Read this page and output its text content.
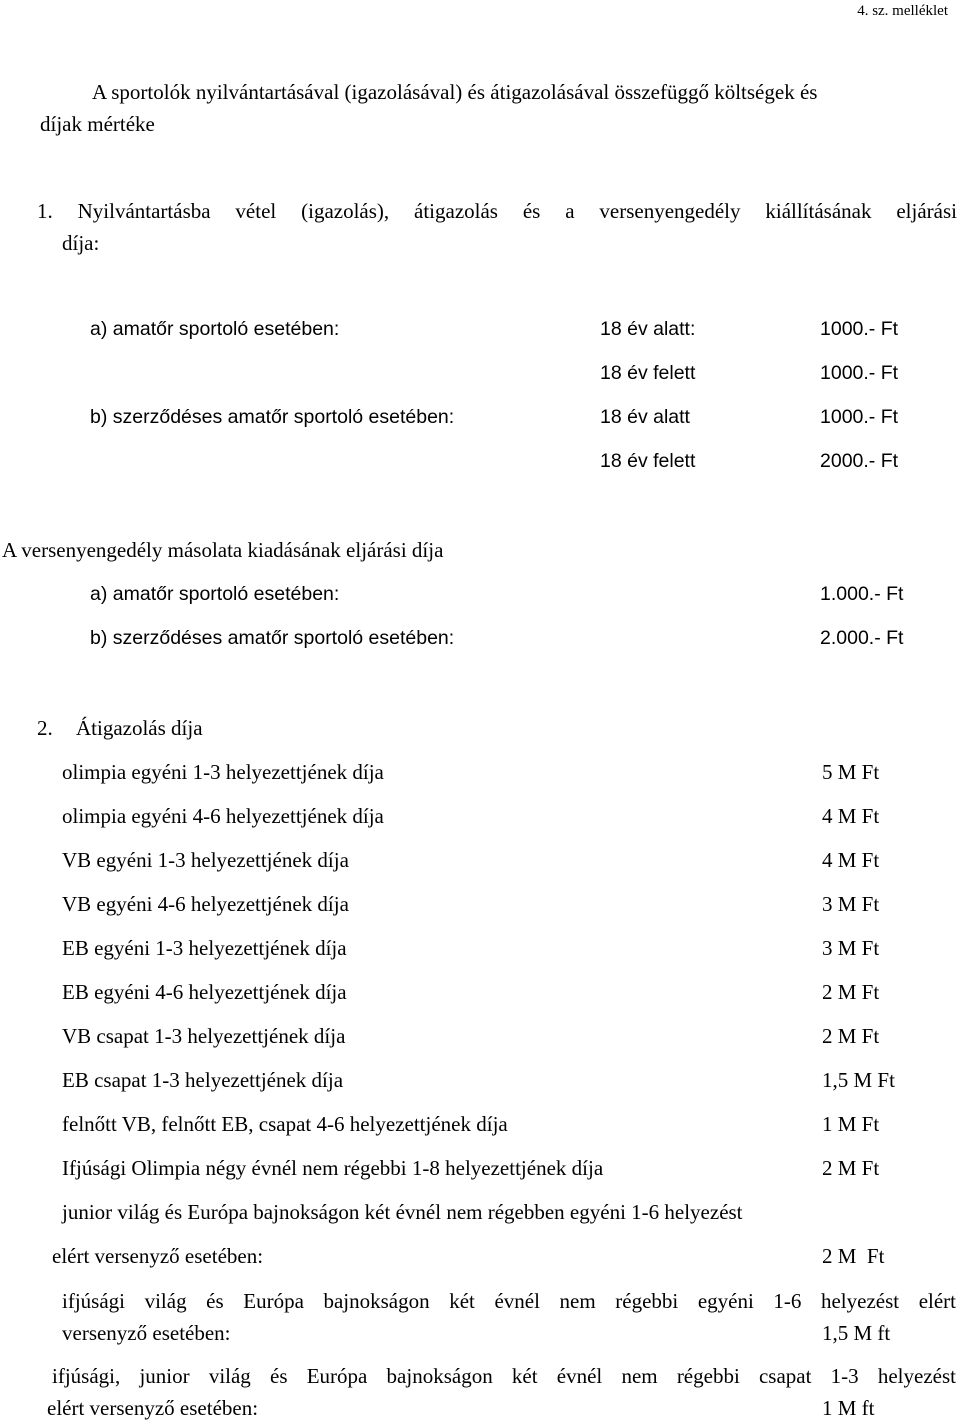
4. sz. melléklet
A sportolók nyilvántartásával (igazolásával) és átigazolásával összefüggő költségek és
díjak mértéke
1. Nyilvántartásba vétel (igazolás), átigazolás és a versenyengedély kiállításának eljárási
díja:
a) amatőr sportoló esetében:	18 év alatt:	1000.- Ft
18 év felett	1000.- Ft
b) szerződéses amatőr sportoló esetében:	18 év alatt	1000.- Ft
18 év felett	2000.- Ft
A versenyengedély másolata kiadásának eljárási díja
a) amatőr sportoló esetében:	1.000.- Ft
b) szerződéses amatőr sportoló esetében:	2.000.- Ft
2. Átigazolás díja
olimpia egyéni 1-3 helyezettjének díja	5 M Ft
olimpia egyéni 4-6 helyezettjének díja	4 M Ft
VB egyéni 1-3 helyezettjének díja	4 M Ft
VB egyéni 4-6 helyezettjének díja	3 M Ft
EB egyéni 1-3 helyezettjének díja	3 M Ft
EB egyéni 4-6 helyezettjének díja	2 M Ft
VB csapat 1-3 helyezettjének díja	2 M Ft
EB csapat 1-3 helyezettjének díja	1,5 M Ft
felnőtt VB, felnőtt EB, csapat 4-6 helyezettjének díja	1 M Ft
Ifjúsági Olimpia négy évnél nem régebbi 1-8 helyezettjének díja	2 M Ft
junior világ és Európa bajnokságon két évnél nem régebben egyéni 1-6 helyezést
elért versenyző esetében:	2 M  Ft
ifjúsági világ és Európa bajnokságon két évnél nem régebbi egyéni 1-6 helyezést elért
versenyző esetében:	1,5 M ft
ifjúsági, junior világ és Európa bajnokságon két évnél nem régebbi csapat 1-3 helyezést
elért versenyző esetében:	1 M ft
